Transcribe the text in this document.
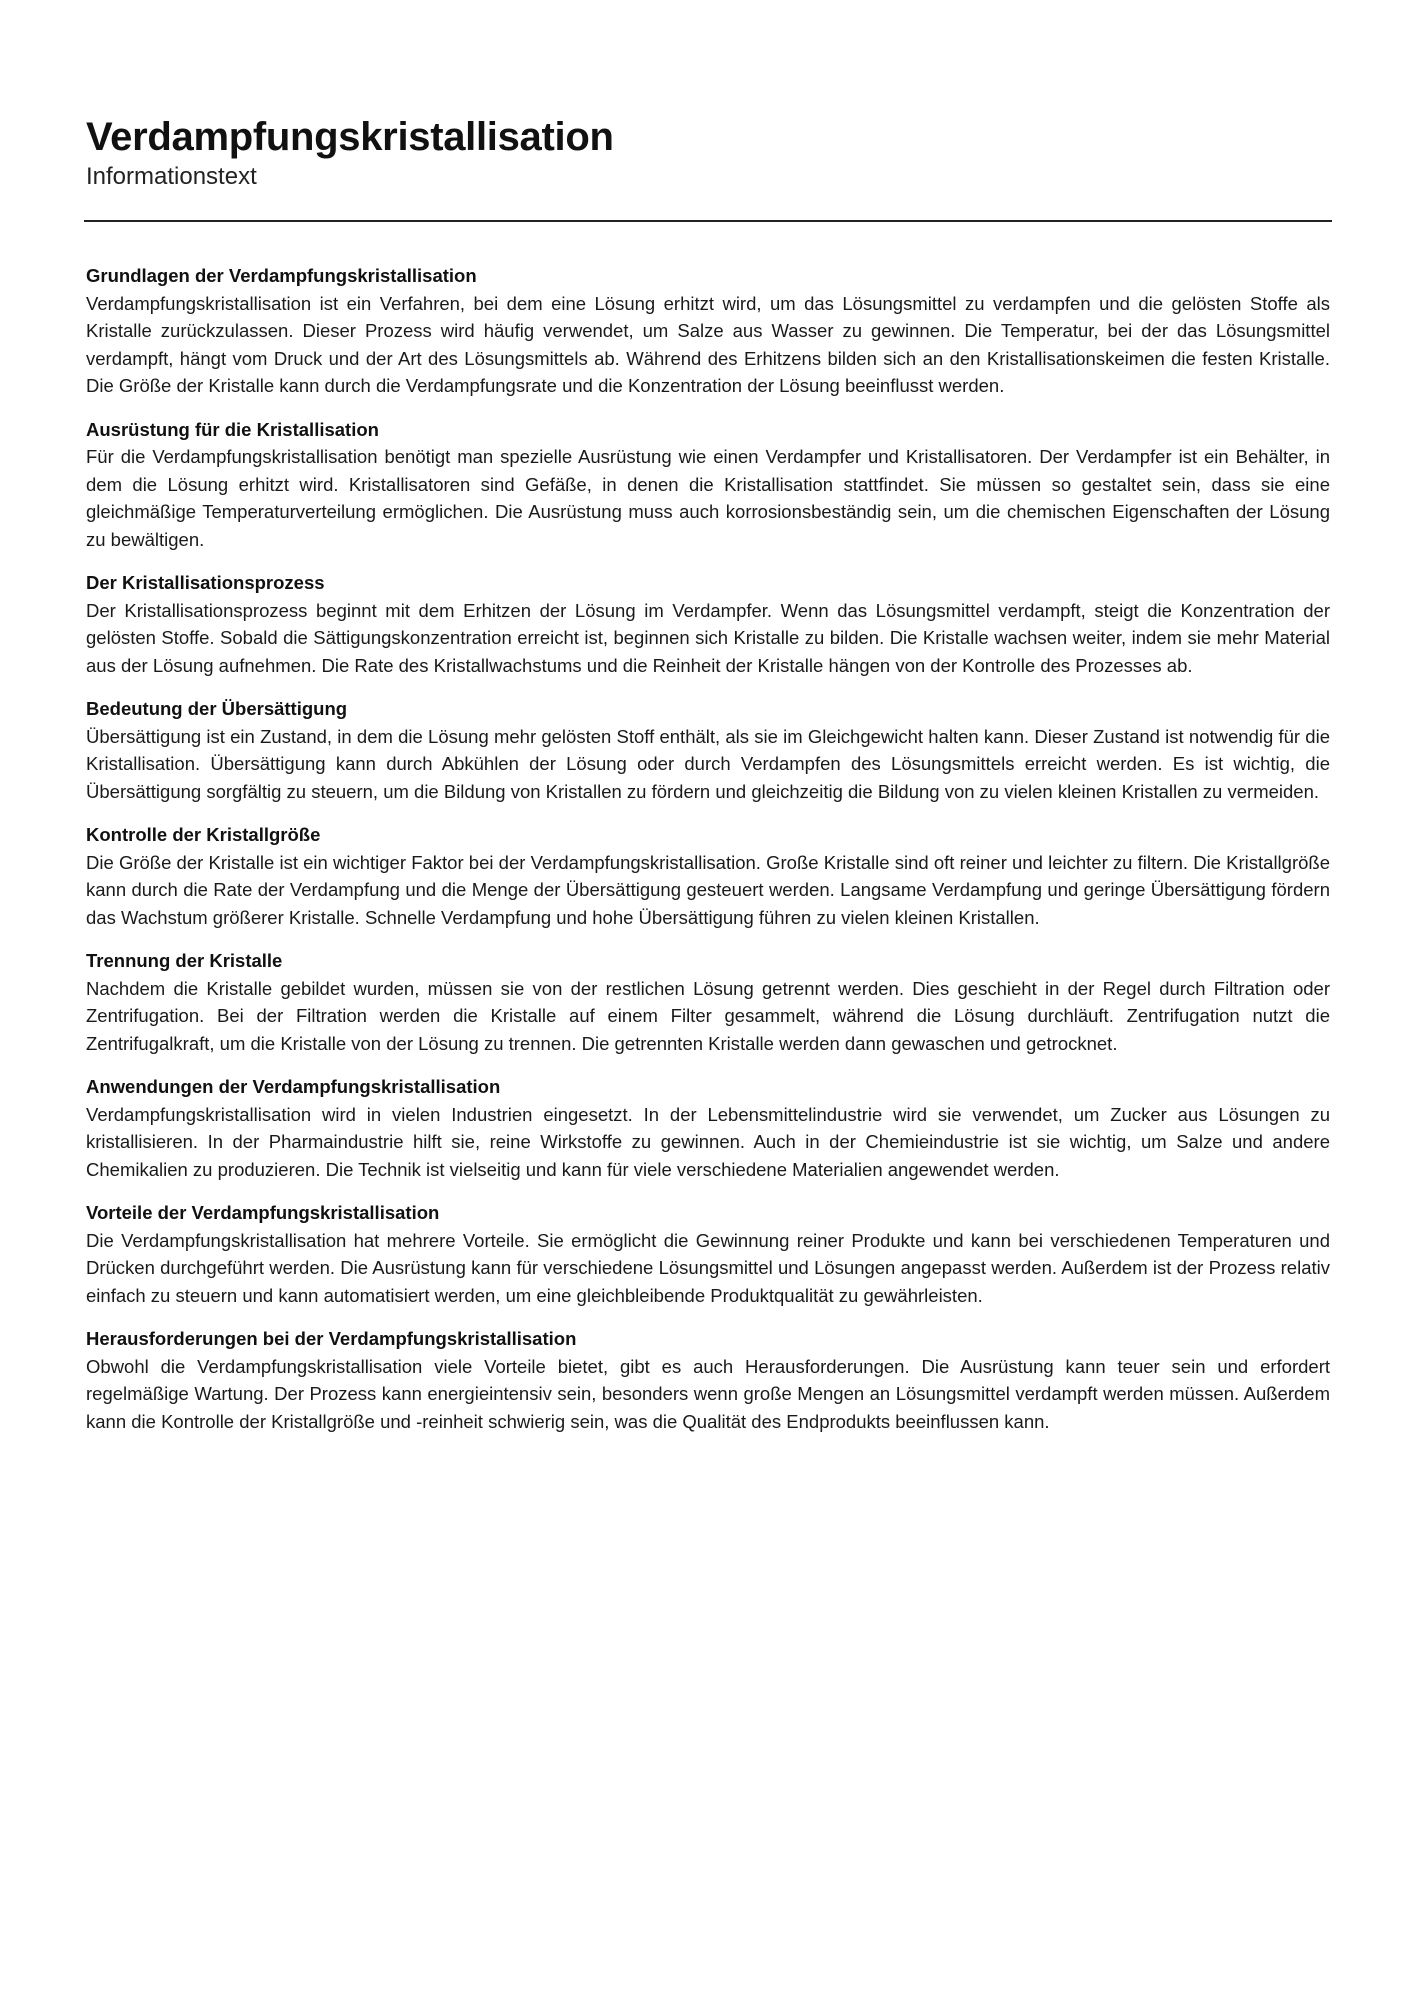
Verdampfungskristallisation
Informationstext
Grundlagen der Verdampfungskristallisation

Verdampfungskristallisation ist ein Verfahren, bei dem eine Lösung erhitzt wird, um das Lösungsmittel zu verdampfen und die gelösten Stoffe als Kristalle zurückzulassen. Dieser Prozess wird häufig verwendet, um Salze aus Wasser zu gewinnen. Die Temperatur, bei der das Lösungsmittel verdampft, hängt vom Druck und der Art des Lösungsmittels ab. Während des Erhitzens bilden sich an den Kristallisationskeimen die festen Kristalle. Die Größe der Kristalle kann durch die Verdampfungsrate und die Konzentration der Lösung beeinflusst werden.

Ausrüstung für die Kristallisation

Für die Verdampfungskristallisation benötigt man spezielle Ausrüstung wie einen Verdampfer und Kristallisatoren. Der Verdampfer ist ein Behälter, in dem die Lösung erhitzt wird. Kristallisatoren sind Gefäße, in denen die Kristallisation stattfindet. Sie müssen so gestaltet sein, dass sie eine gleichmäßige Temperaturverteilung ermöglichen. Die Ausrüstung muss auch korrosionsbeständig sein, um die chemischen Eigenschaften der Lösung zu bewältigen.

Der Kristallisationsprozess

Der Kristallisationsprozess beginnt mit dem Erhitzen der Lösung im Verdampfer. Wenn das Lösungsmittel verdampft, steigt die Konzentration der gelösten Stoffe. Sobald die Sättigungskonzentration erreicht ist, beginnen sich Kristalle zu bilden. Die Kristalle wachsen weiter, indem sie mehr Material aus der Lösung aufnehmen. Die Rate des Kristallwachstums und die Reinheit der Kristalle hängen von der Kontrolle des Prozesses ab.

Bedeutung der Übersättigung

Übersättigung ist ein Zustand, in dem die Lösung mehr gelösten Stoff enthält, als sie im Gleichgewicht halten kann. Dieser Zustand ist notwendig für die Kristallisation. Übersättigung kann durch Abkühlen der Lösung oder durch Verdampfen des Lösungsmittels erreicht werden. Es ist wichtig, die Übersättigung sorgfältig zu steuern, um die Bildung von Kristallen zu fördern und gleichzeitig die Bildung von zu vielen kleinen Kristallen zu vermeiden.

Kontrolle der Kristallgröße

Die Größe der Kristalle ist ein wichtiger Faktor bei der Verdampfungskristallisation. Große Kristalle sind oft reiner und leichter zu filtern. Die Kristallgröße kann durch die Rate der Verdampfung und die Menge der Übersättigung gesteuert werden. Langsame Verdampfung und geringe Übersättigung fördern das Wachstum größerer Kristalle. Schnelle Verdampfung und hohe Übersättigung führen zu vielen kleinen Kristallen.

Trennung der Kristalle

Nachdem die Kristalle gebildet wurden, müssen sie von der restlichen Lösung getrennt werden. Dies geschieht in der Regel durch Filtration oder Zentrifugation. Bei der Filtration werden die Kristalle auf einem Filter gesammelt, während die Lösung durchläuft. Zentrifugation nutzt die Zentrifugalkraft, um die Kristalle von der Lösung zu trennen. Die getrennten Kristalle werden dann gewaschen und getrocknet.

Anwendungen der Verdampfungskristallisation

Verdampfungskristallisation wird in vielen Industrien eingesetzt. In der Lebensmittelindustrie wird sie verwendet, um Zucker aus Lösungen zu kristallisieren. In der Pharmaindustrie hilft sie, reine Wirkstoffe zu gewinnen. Auch in der Chemieindustrie ist sie wichtig, um Salze und andere Chemikalien zu produzieren. Die Technik ist vielseitig und kann für viele verschiedene Materialien angewendet werden.

Vorteile der Verdampfungskristallisation

Die Verdampfungskristallisation hat mehrere Vorteile. Sie ermöglicht die Gewinnung reiner Produkte und kann bei verschiedenen Temperaturen und Drücken durchgeführt werden. Die Ausrüstung kann für verschiedene Lösungsmittel und Lösungen angepasst werden. Außerdem ist der Prozess relativ einfach zu steuern und kann automatisiert werden, um eine gleichbleibende Produktqualität zu gewährleisten.

Herausforderungen bei der Verdampfungskristallisation

Obwohl die Verdampfungskristallisation viele Vorteile bietet, gibt es auch Herausforderungen. Die Ausrüstung kann teuer sein und erfordert regelmäßige Wartung. Der Prozess kann energieintensiv sein, besonders wenn große Mengen an Lösungsmittel verdampft werden müssen. Außerdem kann die Kontrolle der Kristallgröße und -reinheit schwierig sein, was die Qualität des Endprodukts beeinflussen kann.
